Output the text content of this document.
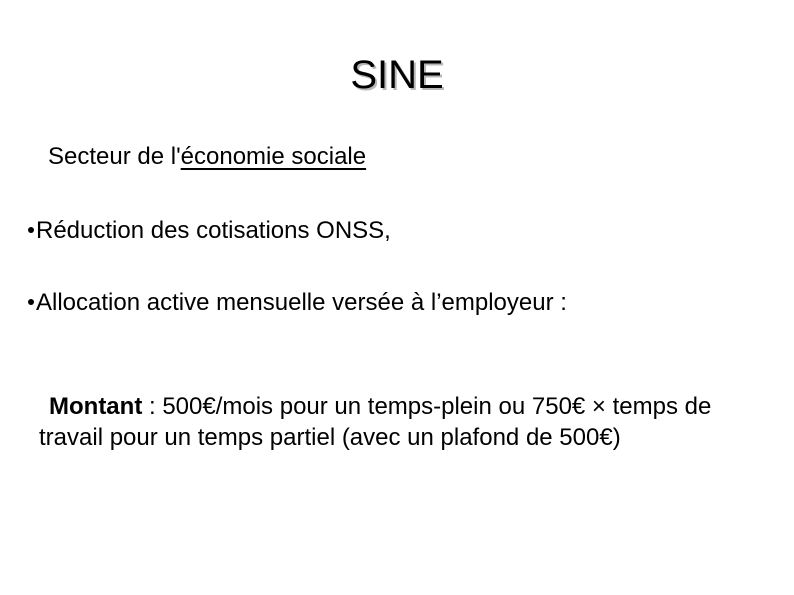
SINE
Secteur de l'économie sociale
Réduction des cotisations ONSS,
Allocation active mensuelle versée à l’employeur :
Montant : 500€/mois pour un temps-plein ou 750€ × temps de travail pour un temps partiel (avec un plafond de 500€)
